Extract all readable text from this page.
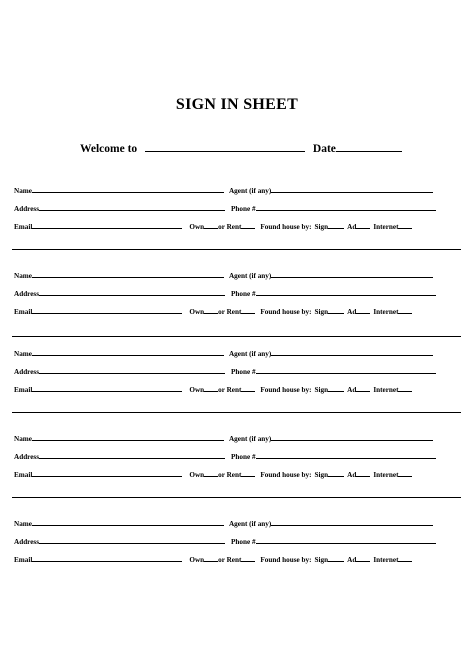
SIGN IN SHEET
Welcome to	Date
Name	Agent (if any)
Address	Phone #
Email	Own or Rent	Found house by: Sign	Ad Internet
Name	Agent (if any)
Address	Phone #
Email	Own or Rent	Found house by: Sign	Ad Internet
Name	Agent (if any)
Address	Phone #
Email	Own or Rent	Found house by: Sign	Ad Internet
Name	Agent (if any)
Address	Phone #
Email	Own or Rent	Found house by: Sign	Ad Internet
Name	Agent (if any)
Address	Phone #
Email	Own or Rent	Found house by: Sign	Ad Internet
